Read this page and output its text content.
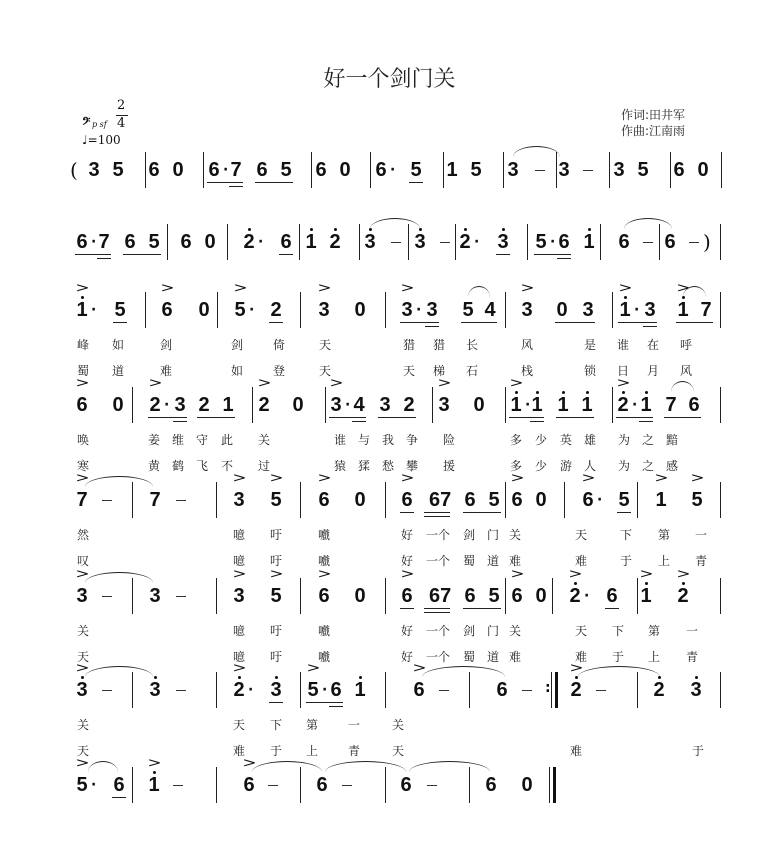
好一个剑门关
作词:田井军
作曲:江南雨
2
4
𝄢 p sf
♩=100
( 3 5 6 0 6 · 7 6 5 6 0 6 · 5 1 5 3 3 3 5 6 0
6 · 7 6 5 6 0 2 · 6 1 2 3 3 2 · 3 5 · 6 1 6 6 )
1
>
· 5 6
>
0 5
>
· 2 3
>
0 3
>
· 3 5 4 3
>
0 3 1
>
· 3 1
>
7
峰 如	剑	剑 倚	天	猎 猎 长	风	是 谁 在 呼
蜀 道	难	如 登	天	天 梯 石	栈	锁 日 月 风
6
>
0 2
>
· 3 2 1 2
>
0 3
>
· 4 3 2 3
>
0 1
>
· 1 1 1 2
>
· 1 7 6
唤	姜 维 守 此 关	谁 与 我 争 险	多 少 英 雄 为 之 黯
寒	黄 鹤 飞 不 过	猿 猱 愁 攀 援	多 少 游 人 为 之 感
7
>
7	3
>
5
>
6
>
0 6
>
67 6 5 6
>
0 6
>
· 5 1
>
5
>
然	噫 吁	嚱	好 一个 剑 门 关	天	下 第 一
叹	噫 吁	嚱	好 一个 蜀 道 难	难	于 上 青
3
>
3	3
>
5
>
6
>
0 6
>
67 6 5 6
>
0 2
>
· 6 1
>
2
>
关	噫 吁	嚱	好 一个 剑 门 关	天 下 第 一
天	噫 吁	嚱	好 一个 蜀 道 难	难 于 上 青
3
>
3	2
>
· 3 5
>
· 6 1 6
>
6	: 2
>
2 3
关	天 下 第 一	关
天	难 于 上 青	天	难	于
5
>
· 6 1
>
6
>
6	6	6 0
